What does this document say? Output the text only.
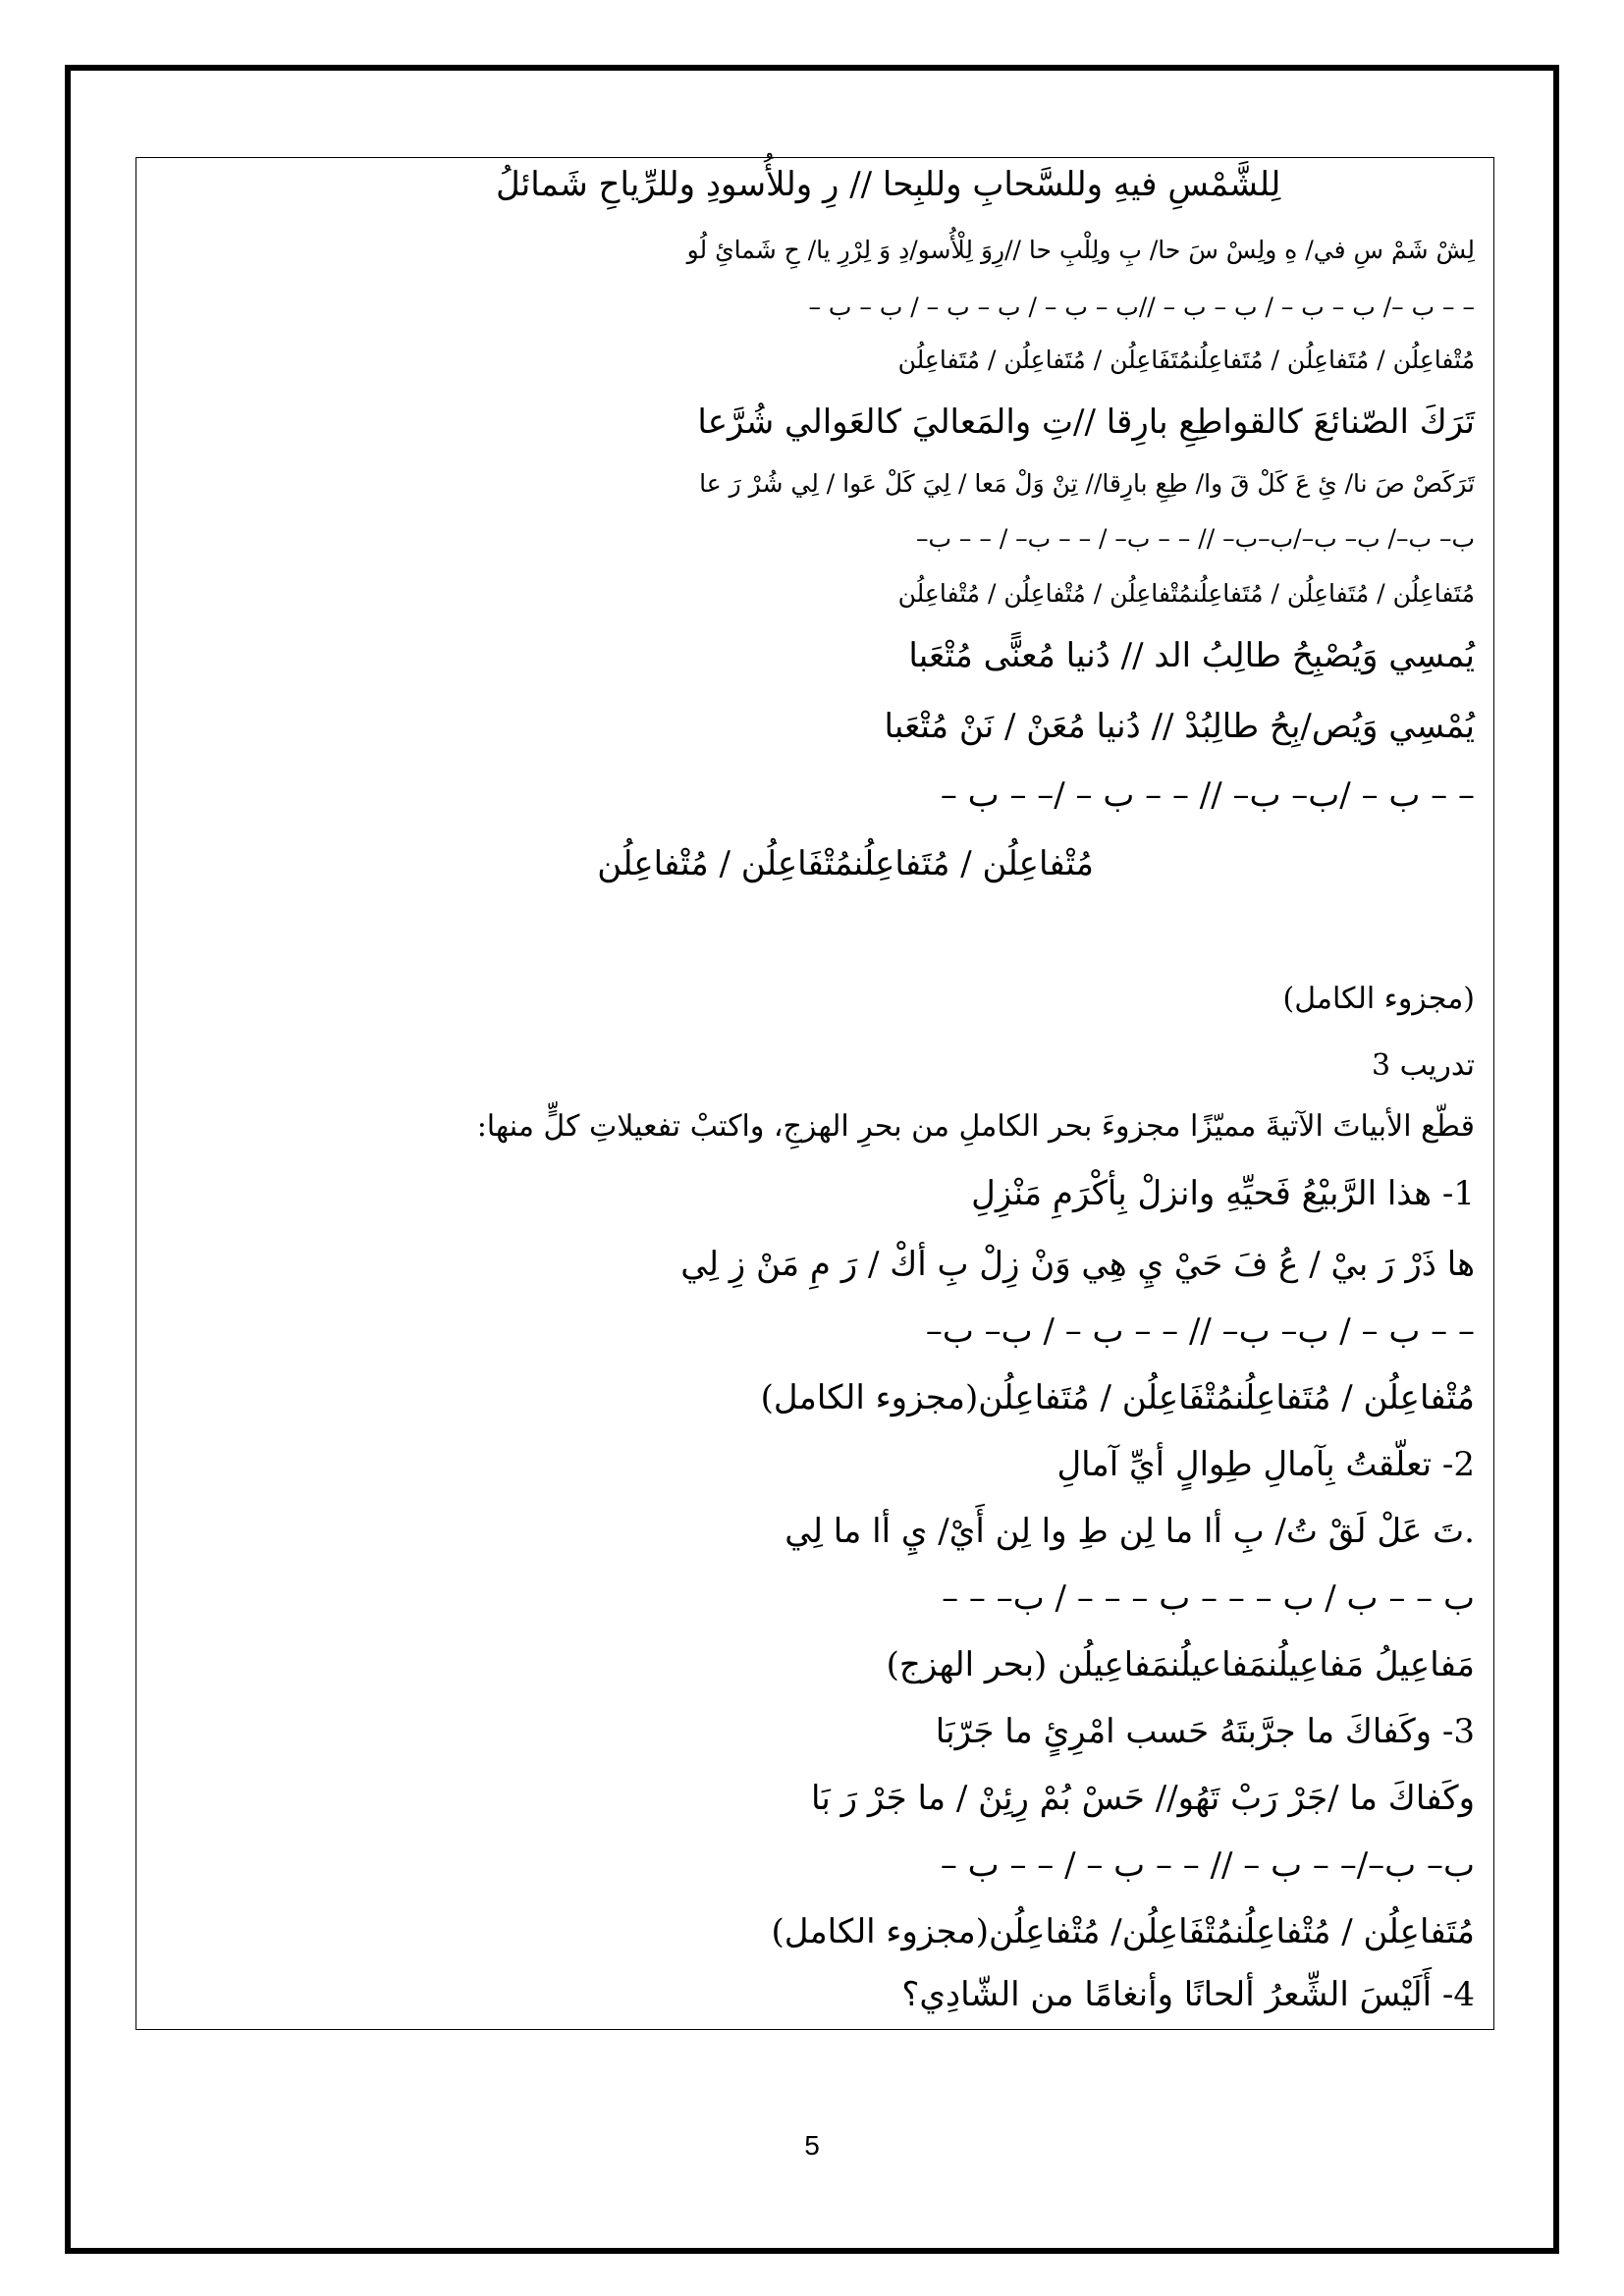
لِلشَّمْسِ فيهِ وللسَّحابِ وللبِحا // رِ وللأُسودِ وللرِّياحِ شَمائلُ
لِشْ شَمْ سِ في/ هِ ولِسْ سَ حا/ بِ ولِلْبِ حا //رِوَ لِلْأُسو/دِ وَ لِرْرِ يا/ حِ شَمائِ لُو
– – ب –/ ب – ب – / ب – ب – //ب – ب – / ب – ب – / ب – ب –
مُتْفاعِلُن / مُتَفاعِلُن / مُتَفاعِلُنمُتَفَاعِلُن / مُتَفاعِلُن / مُتَفاعِلُن
تَرَكَ الصّنائعَ كالقواطِعِ بارِقا //تِ والمَعاليَ كالعَوالي شُرَّعا
تَرَكَصْ صَ نا/ ئِ عَ كَلْ قَ وا/ طِعِ بارِقا// تِنْ وَلْ مَعا / لِيَ كَلْ عَوا / لِي شُرْ رَ عا
ب– ب–/ ب– ب–/ب–ب– // – – ب– / – – ب– / – – ب–
مُتَفاعِلُن / مُتَفاعِلُن / مُتَفاعِلُنمُتْفاعِلُن / مُتْفاعِلُن / مُتْفاعِلُن
يُمسِي وَيُصْبِحُ طالِبُ الد // دُنيا مُعنًّى مُتْعَبا
يُمْسِي وَيُص/بِحُ طالِبُدْ // دُنيا مُعَنْ / نَنْ مُتْعَبا
– – ب – /ب– ب– // – – ب – /– – ب –
مُتْفاعِلُن / مُتَفاعِلُنمُتْفَاعِلُن / مُتْفاعِلُن
(مجزوء الكامل)
تدريب 3
قطّع الأبياتَ الآتيةَ مميّزًا مجزوءَ بحر الكاملِ من بحرِ الهزجِ، واكتبْ تفعيلاتِ كلٍّ منها:
1- هذا الرَّبيْعُ فَحيِّهِ وانزلْ بِأكْرَمِ مَنْزِلِ
ها ذَرْ رَ بيْ / عُ فَ حَيْ يِ هِي وَنْ زِلْ بِ أكْ / رَ مِ مَنْ زِ لِي
– – ب – / ب– ب– // – – ب – / ب– ب–
مُتْفاعِلُن / مُتَفاعِلُنمُتْفَاعِلُن / مُتَفاعِلُن(مجزوء الكامل)
2- تعلّقتُ بِآمالِ طِوالٍ أيِّ آمالِ
.تَ عَلْ لَقْ تُ/ بِ أا ما لِن طِ وا لِن أَيْ/ يِ أا ما لِي
ب – – ب / ب – – – ب – – – / ب– – –
مَفاعِيلُ مَفاعِيلُنمَفاعيلُنمَفاعِيلُن (بحر الهزج)
3- وكَفاكَ ما جرَّبتَهُ حَسب امْرِئٍ ما جَرّبَا
وكَفاكَ ما /جَرْ رَبْ تَهُو// حَسْ بُمْ رِئِنْ / ما جَرْ رَ بَا
ب– ب–/– – ب – // – – ب – / – – ب –
مُتَفاعِلُن / مُتْفاعِلُنمُتْفَاعِلُن/ مُتْفاعِلُن(مجزوء الكامل)
4- أَلَيْسَ الشِّعرُ ألحانًا وأنغامًا من الشّادِي؟
5
